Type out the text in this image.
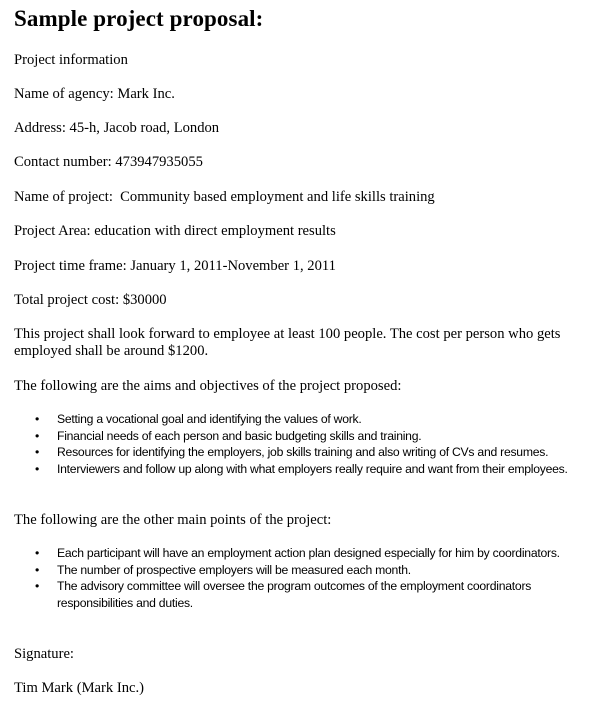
Sample project proposal:

Project information

Name of agency: Mark Inc.

Address: 45-h, Jacob road, London

Contact number: 473947935055

Name of project:  Community based employment and life skills training

Project Area: education with direct employment results

Project time frame: January 1, 2011-November 1, 2011

Total project cost: $30000

This project shall look forward to employee at least 100 people. The cost per person who gets employed shall be around $1200.

The following are the aims and objectives of the project proposed:

•	Setting a vocational goal and identifying the values of work.
•	Financial needs of each person and basic budgeting skills and training.
•	Resources for identifying the employers, job skills training and also writing of CVs and resumes.
•	Interviewers and follow up along with what employers really require and want from their employees.

The following are the other main points of the project:

•	Each participant will have an employment action plan designed especially for him by coordinators.
•	The number of prospective employers will be measured each month.
•	The advisory committee will oversee the program outcomes of the employment coordinators responsibilities and duties.

Signature:

Tim Mark (Mark Inc.)
